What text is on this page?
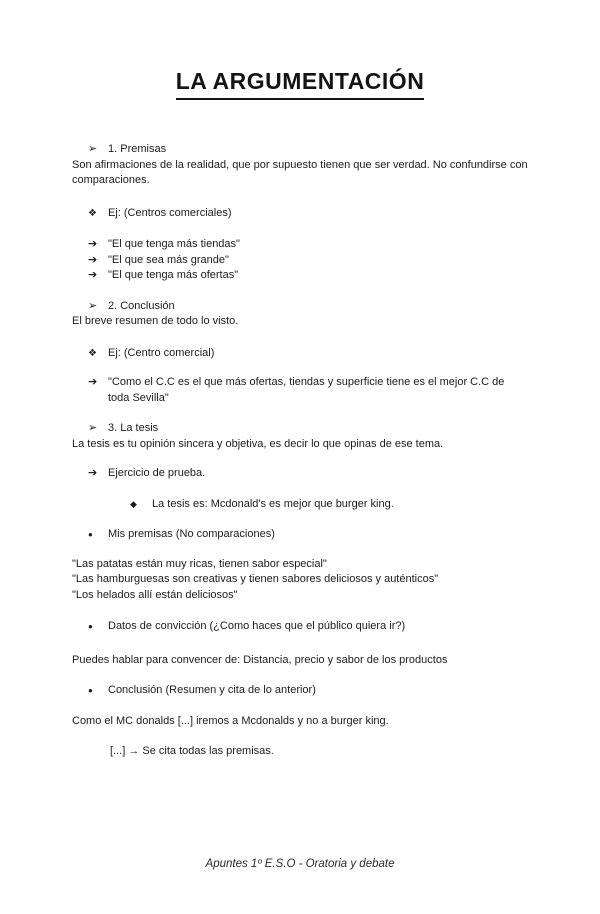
LA ARGUMENTACIÓN
➢ 1. Premisas

Son afirmaciones de la realidad, que por supuesto tienen que ser verdad. No confundirse con comparaciones.

❖	Ej: (Centros comerciales)
➔ "El que tenga más tiendas"
➔ "El que sea más grande"
➔ "El que tenga más ofertas"
➢ 2. Conclusión

El breve resumen de todo lo visto.

❖	Ej: (Centro comercial)
➔ "Como el C.C es el que más ofertas, tiendas y superficie tiene es el mejor C.C de toda Sevilla"
➢ 3. La tesis

La tesis es tu opinión sincera y objetiva, es decir lo que opinas de ese tema.

➔ Ejercicio de prueba.
◆	La tesis es: Mcdonald's es mejor que burger king.
●	Mis premisas (No comparaciones)

"Las patatas están muy ricas, tienen sabor especial"

"Las hamburguesas son creativas y tienen sabores deliciosos y auténticos"

"Los helados allí están deliciosos"

●	Datos de convicción (¿Como haces que el público quiera ir?)

Puedes hablar para convencer de: Distancia, precio y sabor de los productos

●	Conclusión (Resumen y cita de lo anterior)

Como el MC donalds [...] iremos a Mcdonalds y no a burger king.

[...] → Se cita todas las premisas.

Apuntes 1º E.S.O - Oratoria y debate
